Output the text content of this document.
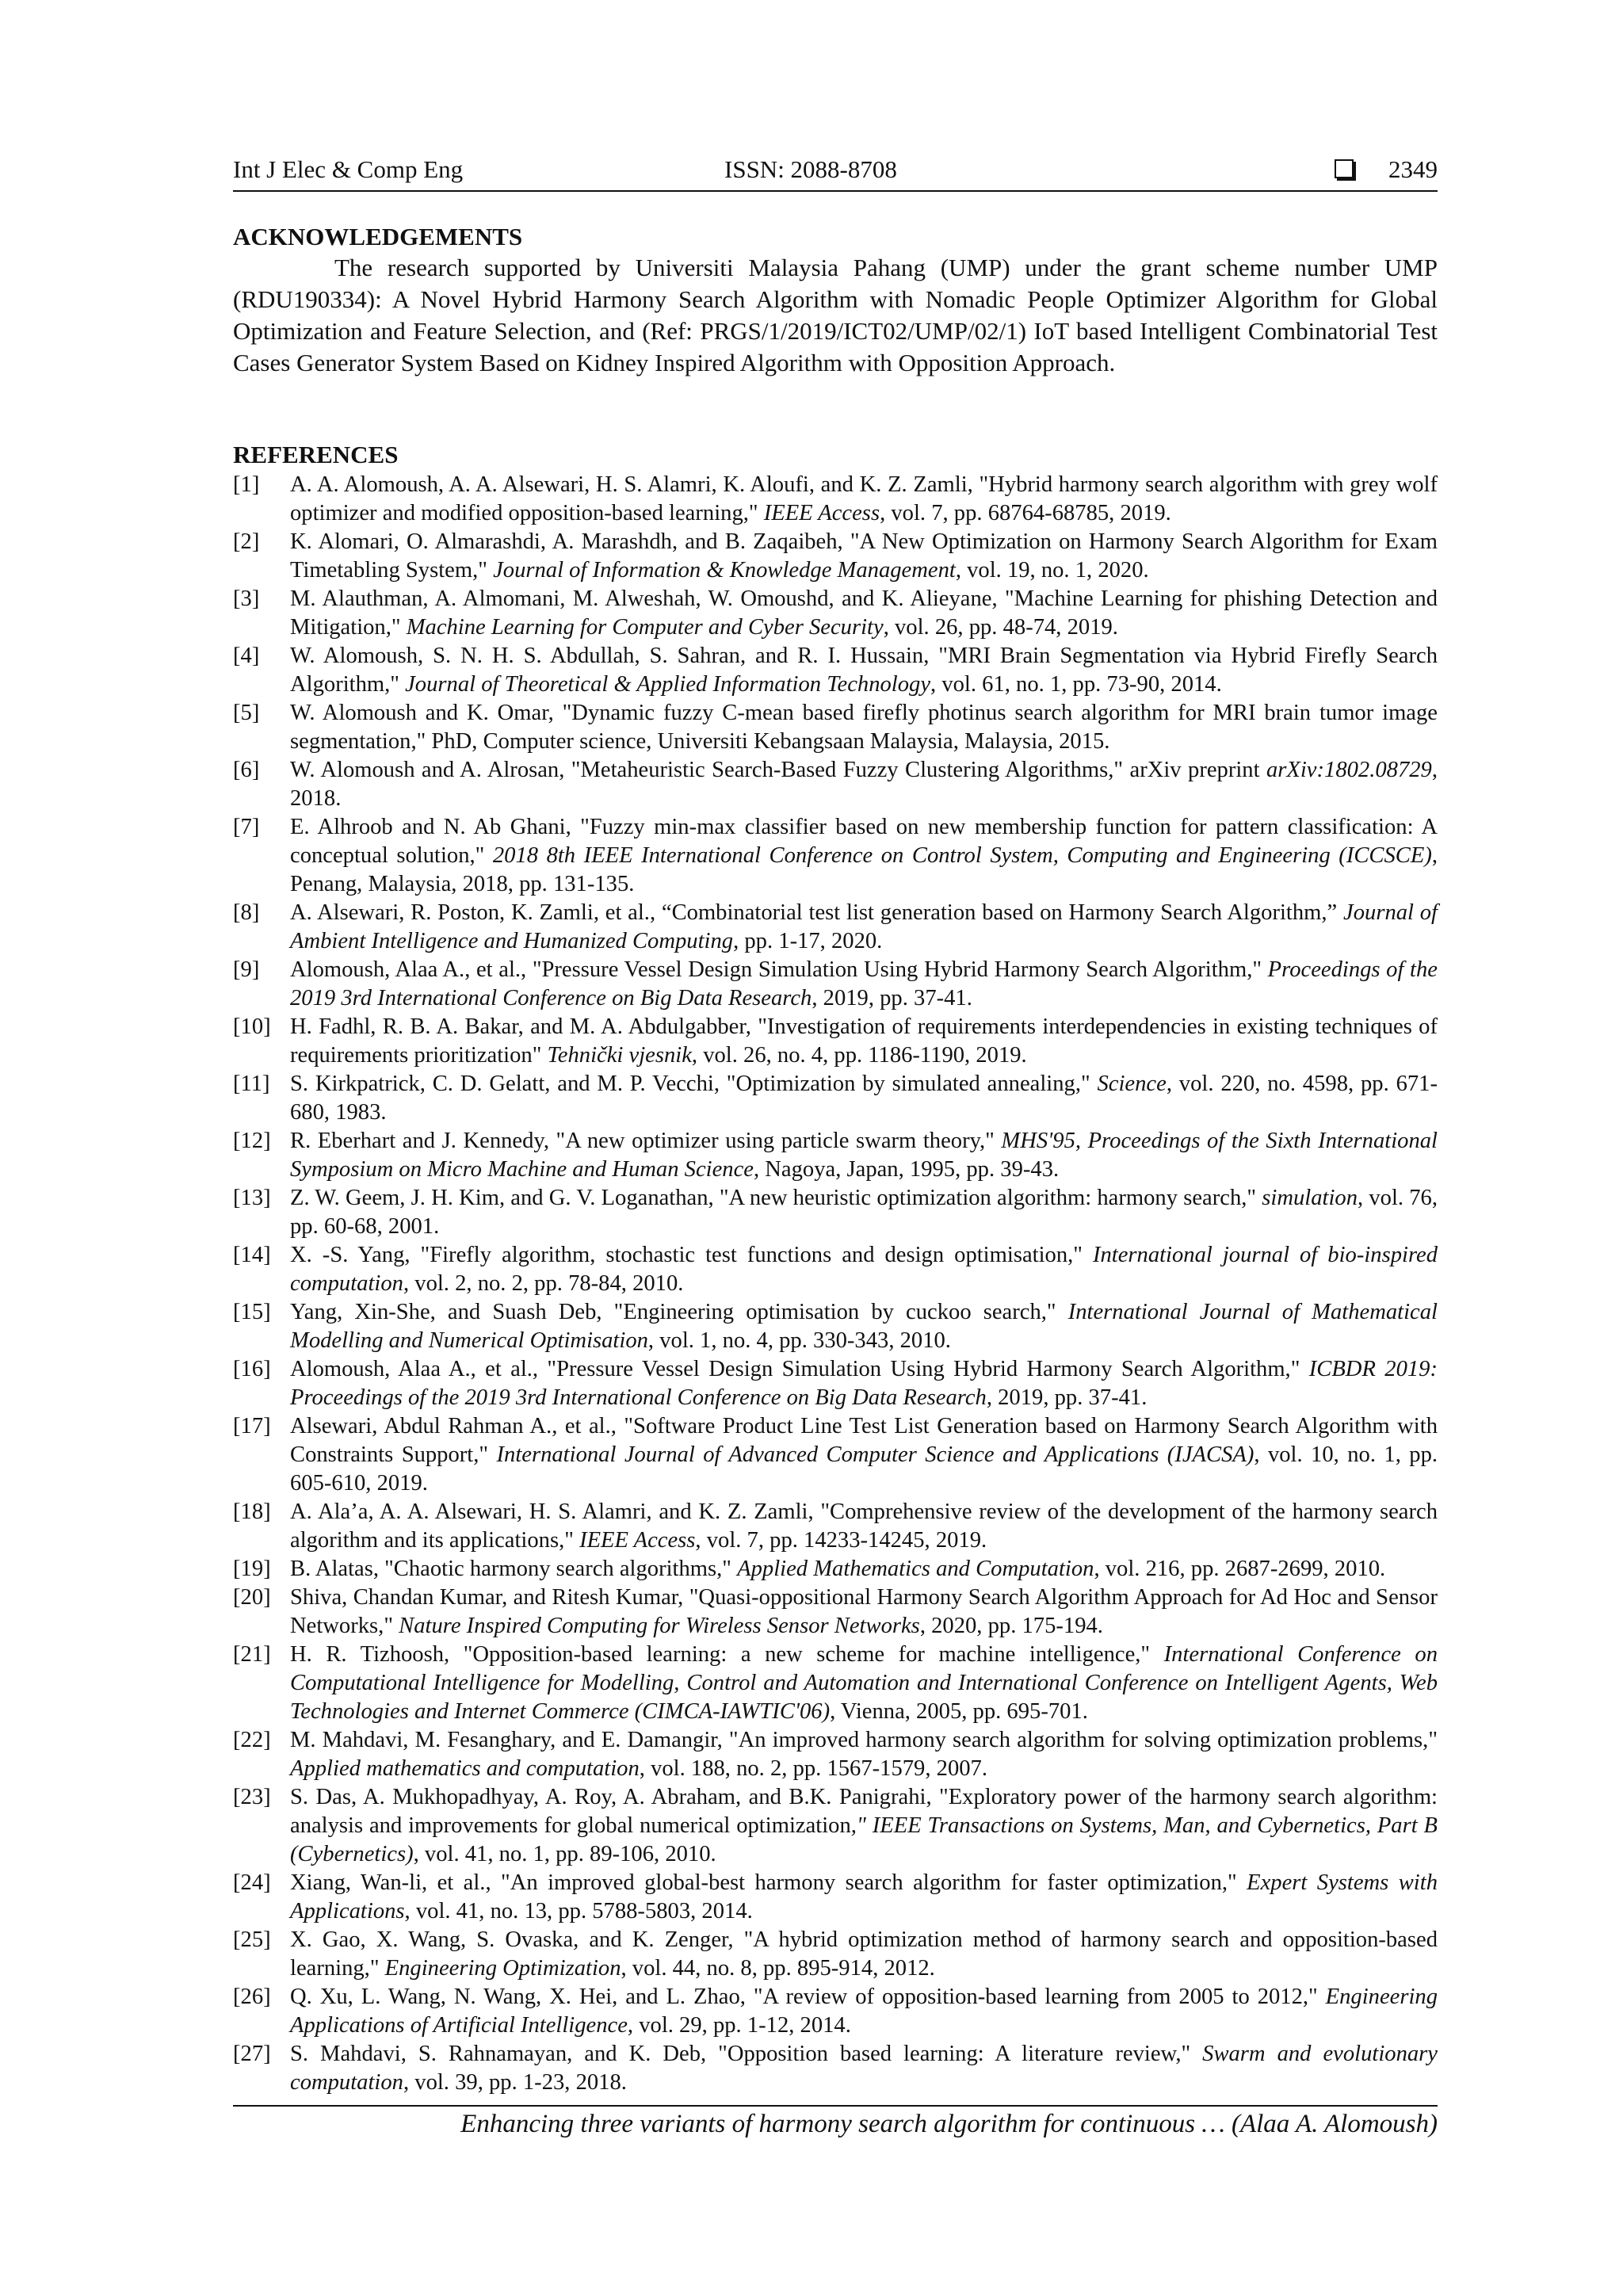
Int J Elec & Comp Eng	ISSN: 2088-8708	2349
ACKNOWLEDGEMENTS
The research supported by Universiti Malaysia Pahang (UMP) under the grant scheme number UMP (RDU190334): A Novel Hybrid Harmony Search Algorithm with Nomadic People Optimizer Algorithm for Global Optimization and Feature Selection, and (Ref: PRGS/1/2019/ICT02/UMP/02/1) IoT based Intelligent Combinatorial Test Cases Generator System Based on Kidney Inspired Algorithm with Opposition Approach.
REFERENCES
[1] A. A. Alomoush, A. A. Alsewari, H. S. Alamri, K. Aloufi, and K. Z. Zamli, "Hybrid harmony search algorithm with grey wolf optimizer and modified opposition-based learning," IEEE Access, vol. 7, pp. 68764-68785, 2019.
[2] K. Alomari, O. Almarashdi, A. Marashdh, and B. Zaqaibeh, "A New Optimization on Harmony Search Algorithm for Exam Timetabling System," Journal of Information & Knowledge Management, vol. 19, no. 1, 2020.
[3] M. Alauthman, A. Almomani, M. Alweshah, W. Omoushd, and K. Alieyane, "Machine Learning for phishing Detection and Mitigation," Machine Learning for Computer and Cyber Security, vol. 26, pp. 48-74, 2019.
[4] W. Alomoush, S. N. H. S. Abdullah, S. Sahran, and R. I. Hussain, "MRI Brain Segmentation via Hybrid Firefly Search Algorithm," Journal of Theoretical & Applied Information Technology, vol. 61, no. 1, pp. 73-90, 2014.
[5] W. Alomoush and K. Omar, "Dynamic fuzzy C-mean based firefly photinus search algorithm for MRI brain tumor image segmentation," PhD, Computer science, Universiti Kebangsaan Malaysia, Malaysia, 2015.
[6] W. Alomoush and A. Alrosan, "Metaheuristic Search-Based Fuzzy Clustering Algorithms," arXiv preprint arXiv:1802.08729, 2018.
[7] E. Alhroob and N. Ab Ghani, "Fuzzy min-max classifier based on new membership function for pattern classification: A conceptual solution," 2018 8th IEEE International Conference on Control System, Computing and Engineering (ICCSCE), Penang, Malaysia, 2018, pp. 131-135.
[8] A. Alsewari, R. Poston, K. Zamli, et al., “Combinatorial test list generation based on Harmony Search Algorithm,” Journal of Ambient Intelligence and Humanized Computing, pp. 1-17, 2020.
[9] Alomoush, Alaa A., et al., "Pressure Vessel Design Simulation Using Hybrid Harmony Search Algorithm," Proceedings of the 2019 3rd International Conference on Big Data Research, 2019, pp. 37-41.
[10] H. Fadhl, R. B. A. Bakar, and M. A. Abdulgabber, "Investigation of requirements interdependencies in existing techniques of requirements prioritization" Tehnički vjesnik, vol. 26, no. 4, pp. 1186-1190, 2019.
[11] S. Kirkpatrick, C. D. Gelatt, and M. P. Vecchi, "Optimization by simulated annealing," Science, vol. 220, no. 4598, pp. 671-680, 1983.
[12] R. Eberhart and J. Kennedy, "A new optimizer using particle swarm theory," MHS'95, Proceedings of the Sixth International Symposium on Micro Machine and Human Science, Nagoya, Japan, 1995, pp. 39-43.
[13] Z. W. Geem, J. H. Kim, and G. V. Loganathan, "A new heuristic optimization algorithm: harmony search," simulation, vol. 76, pp. 60-68, 2001.
[14] X. -S. Yang, "Firefly algorithm, stochastic test functions and design optimisation," International journal of bio-inspired computation, vol. 2, no. 2, pp. 78-84, 2010.
[15] Yang, Xin-She, and Suash Deb, "Engineering optimisation by cuckoo search," International Journal of Mathematical Modelling and Numerical Optimisation, vol. 1, no. 4, pp. 330-343, 2010.
[16] Alomoush, Alaa A., et al., "Pressure Vessel Design Simulation Using Hybrid Harmony Search Algorithm," ICBDR 2019: Proceedings of the 2019 3rd International Conference on Big Data Research, 2019, pp. 37-41.
[17] Alsewari, Abdul Rahman A., et al., "Software Product Line Test List Generation based on Harmony Search Algorithm with Constraints Support," International Journal of Advanced Computer Science and Applications (IJACSA), vol. 10, no. 1, pp. 605-610, 2019.
[18] A. Ala’a, A. A. Alsewari, H. S. Alamri, and K. Z. Zamli, "Comprehensive review of the development of the harmony search algorithm and its applications," IEEE Access, vol. 7, pp. 14233-14245, 2019.
[19] B. Alatas, "Chaotic harmony search algorithms," Applied Mathematics and Computation, vol. 216, pp. 2687-2699, 2010.
[20] Shiva, Chandan Kumar, and Ritesh Kumar, "Quasi-oppositional Harmony Search Algorithm Approach for Ad Hoc and Sensor Networks," Nature Inspired Computing for Wireless Sensor Networks, 2020, pp. 175-194.
[21] H. R. Tizhoosh, "Opposition-based learning: a new scheme for machine intelligence," International Conference on Computational Intelligence for Modelling, Control and Automation and International Conference on Intelligent Agents, Web Technologies and Internet Commerce (CIMCA-IAWTIC'06), Vienna, 2005, pp. 695-701.
[22] M. Mahdavi, M. Fesanghary, and E. Damangir, "An improved harmony search algorithm for solving optimization problems," Applied mathematics and computation, vol. 188, no. 2, pp. 1567-1579, 2007.
[23] S. Das, A. Mukhopadhyay, A. Roy, A. Abraham, and B.K. Panigrahi, "Exploratory power of the harmony search algorithm: analysis and improvements for global numerical optimization," IEEE Transactions on Systems, Man, and Cybernetics, Part B (Cybernetics), vol. 41, no. 1, pp. 89-106, 2010.
[24] Xiang, Wan-li, et al., "An improved global-best harmony search algorithm for faster optimization," Expert Systems with Applications, vol. 41, no. 13, pp. 5788-5803, 2014.
[25] X. Gao, X. Wang, S. Ovaska, and K. Zenger, "A hybrid optimization method of harmony search and opposition-based learning," Engineering Optimization, vol. 44, no. 8, pp. 895-914, 2012.
[26] Q. Xu, L. Wang, N. Wang, X. Hei, and L. Zhao, "A review of opposition-based learning from 2005 to 2012," Engineering Applications of Artificial Intelligence, vol. 29, pp. 1-12, 2014.
[27] S. Mahdavi, S. Rahnamayan, and K. Deb, "Opposition based learning: A literature review," Swarm and evolutionary computation, vol. 39, pp. 1-23, 2018.
Enhancing three variants of harmony search algorithm for continuous … (Alaa A. Alomoush)
